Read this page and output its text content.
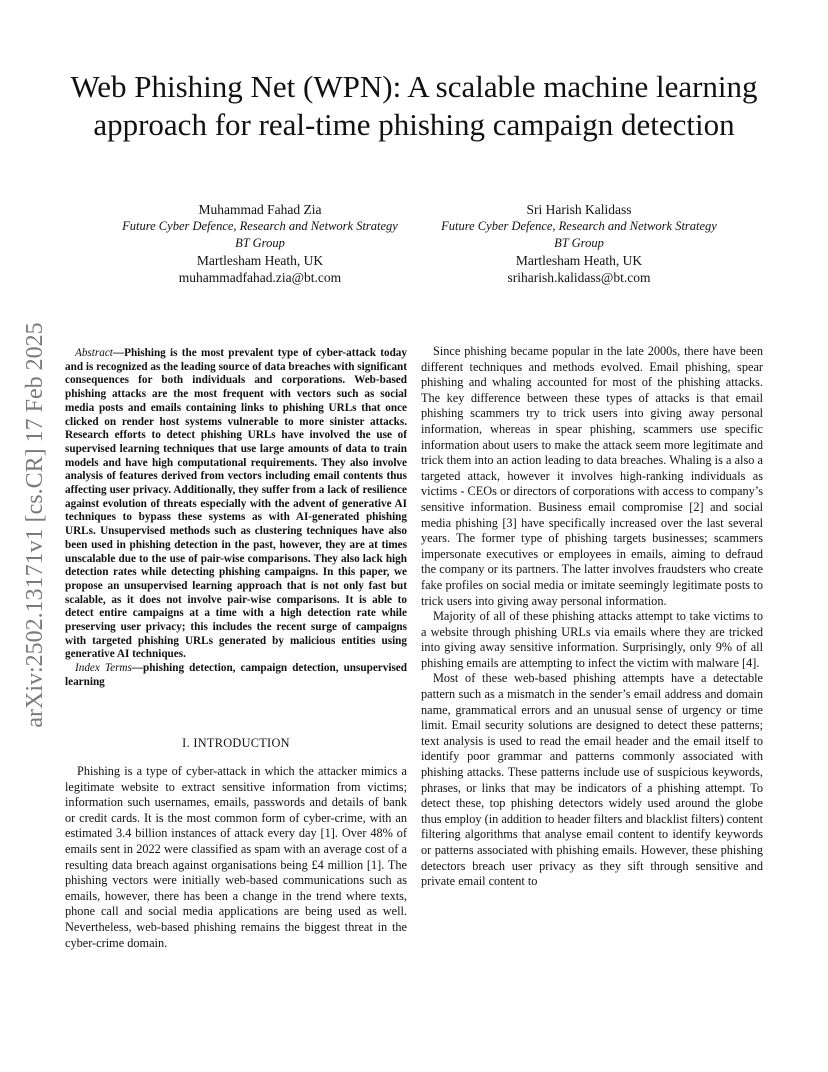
Web Phishing Net (WPN): A scalable machine learning approach for real-time phishing campaign detection
Muhammad Fahad Zia
Future Cyber Defence, Research and Network Strategy
BT Group
Martlesham Heath, UK
muhammadfahad.zia@bt.com
Sri Harish Kalidass
Future Cyber Defence, Research and Network Strategy
BT Group
Martlesham Heath, UK
sriharish.kalidass@bt.com
arXiv:2502.13171v1 [cs.CR] 17 Feb 2025	Abstract—Phishing is the most prevalent type of cyber-attack today and is recognized as the leading source of data breaches with significant consequences for both individuals and corporations. Web-based phishing attacks are the most frequent with vectors such as social media posts and emails containing links to phishing URLs that once clicked on render host systems vulnerable to more sinister attacks. Research efforts to detect phishing URLs have involved the use of supervised learning techniques that use large amounts of data to train models and have high computational requirements. They also involve analysis of features derived from vectors including email contents thus affecting user privacy. Additionally, they suffer from a lack of resilience against evolution of threats especially with the advent of generative AI techniques to bypass these systems as with AI-generated phishing URLs. Unsupervised methods such as clustering techniques have also been used in phishing detection in the past, however, they are at times unscalable due to the use of pair-wise comparisons. They also lack high detection rates while detecting phishing campaigns. In this paper, we propose an unsupervised learning approach that is not only fast but scalable, as it does not involve pair-wise comparisons. It is able to detect entire campaigns at a time with a high detection rate while preserving user privacy; this includes the recent surge of campaigns with targeted phishing URLs generated by malicious entities using generative AI techniques.

Index Terms—phishing detection, campaign detection, unsupervised learning

I. INTRODUCTION

Phishing is a type of cyber-attack in which the attacker mimics a legitimate website to extract sensitive information from victims; information such usernames, emails, passwords and details of bank or credit cards. It is the most common form of cyber-crime, with an estimated 3.4 billion instances of attack every day [1]. Over 48% of emails sent in 2022 were classified as spam with an average cost of a resulting data breach against organisations being £4 million [1]. The phishing vectors were initially web-based communications such as emails, however, there has been a change in the trend where texts, phone call and social media applications are being used as well. Nevertheless, web-based phishing remains the biggest threat in the cyber-crime domain.

Since phishing became popular in the late 2000s, there have been different techniques and methods evolved. Email phishing, spear phishing and whaling accounted for most of the phishing attacks. The key difference between these types of attacks is that email phishing scammers try to trick users into giving away personal information, whereas in spear phishing, scammers use specific information about users to make the attack seem more legitimate and trick them into an action leading to data breaches. Whaling is a also a targeted attack, however it involves high-ranking individuals as victims - CEOs or directors of corporations with access to company’s sensitive information. Business email compromise [2] and social media phishing [3] have specifically increased over the last several years. The former type of phishing targets businesses; scammers impersonate executives or employees in emails, aiming to defraud the company or its partners. The latter involves fraudsters who create fake profiles on social media or imitate seemingly legitimate posts to trick users into giving away personal information.

Majority of all of these phishing attacks attempt to take victims to a website through phishing URLs via emails where they are tricked into giving away sensitive information. Surprisingly, only 9% of all phishing emails are attempting to infect the victim with malware [4].

Most of these web-based phishing attempts have a detectable pattern such as a mismatch in the sender’s email address and domain name, grammatical errors and an unusual sense of urgency or time limit. Email security solutions are designed to detect these patterns; text analysis is used to read the email header and the email itself to identify poor grammar and patterns commonly associated with phishing attacks. These patterns include use of suspicious keywords, phrases, or links that may be indicators of a phishing attempt. To detect these, top phishing detectors widely used around the globe thus employ (in addition to header filters and blacklist filters) content filtering algorithms that analyse email content to identify keywords or patterns associated with phishing emails. However, these phishing detectors breach user privacy as they sift through sensitive and private email content to
